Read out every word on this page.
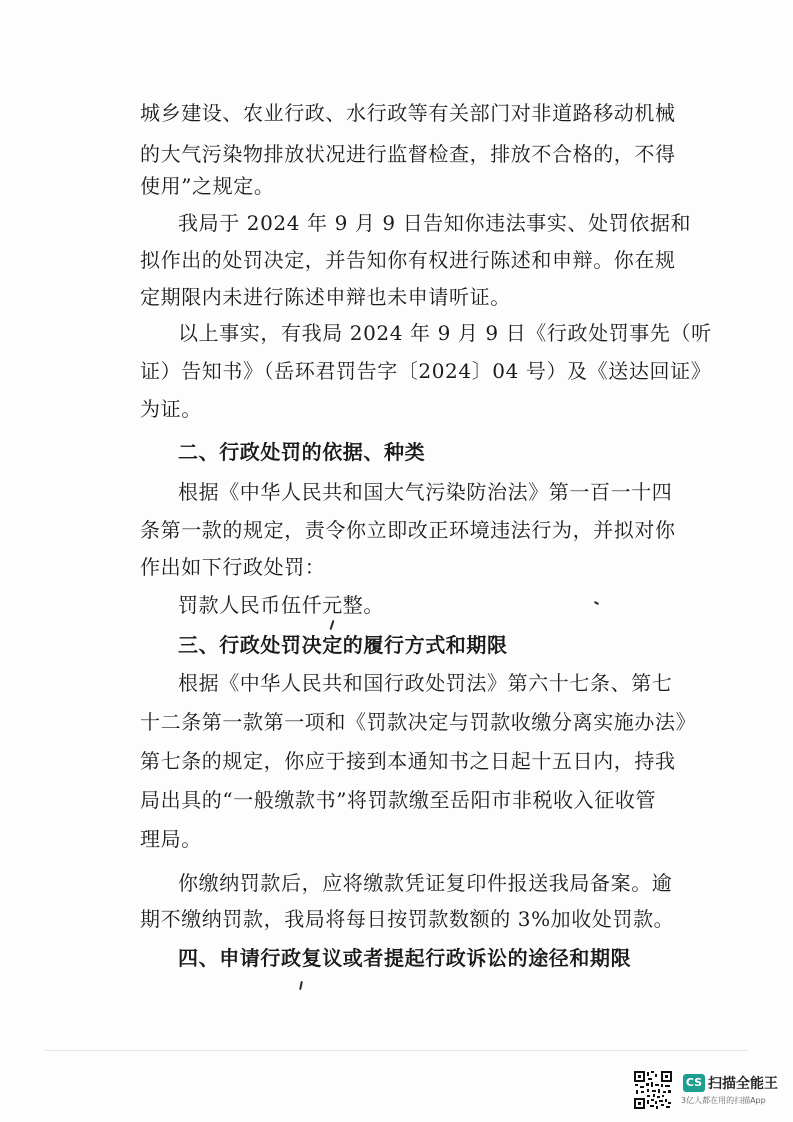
城乡建设、农业行政、水行政等有关部门对非道路移动机械
的大气污染物排放状况进行监督检查，排放不合格的，不得
使用”之规定。
我局于 2024 年 9 月 9 日告知你违法事实、处罚依据和
拟作出的处罚决定，并告知你有权进行陈述和申辩。你在规
定期限内未进行陈述申辩也未申请听证。
以上事实，有我局 2024 年 9 月 9 日《行政处罚事先（听
证）告知书》（岳环君罚告字〔2024〕04 号）及《送达回证》
为证。
二、行政处罚的依据、种类
根据《中华人民共和国大气污染防治法》第一百一十四
条第一款的规定，责令你立即改正环境违法行为，并拟对你
作出如下行政处罚：
罚款人民币伍仟元整。
三、行政处罚决定的履行方式和期限
根据《中华人民共和国行政处罚法》第六十七条、第七
十二条第一款第一项和《罚款决定与罚款收缴分离实施办法》
第七条的规定，你应于接到本通知书之日起十五日内，持我
局出具的“一般缴款书”将罚款缴至岳阳市非税收入征收管
理局。
你缴纳罚款后，应将缴款凭证复印件报送我局备案。逾
期不缴纳罚款，我局将每日按罚款数额的 3%加收处罚款。
四、申请行政复议或者提起行政诉讼的途径和期限
CS 扫描全能王
3亿人都在用的扫描App
